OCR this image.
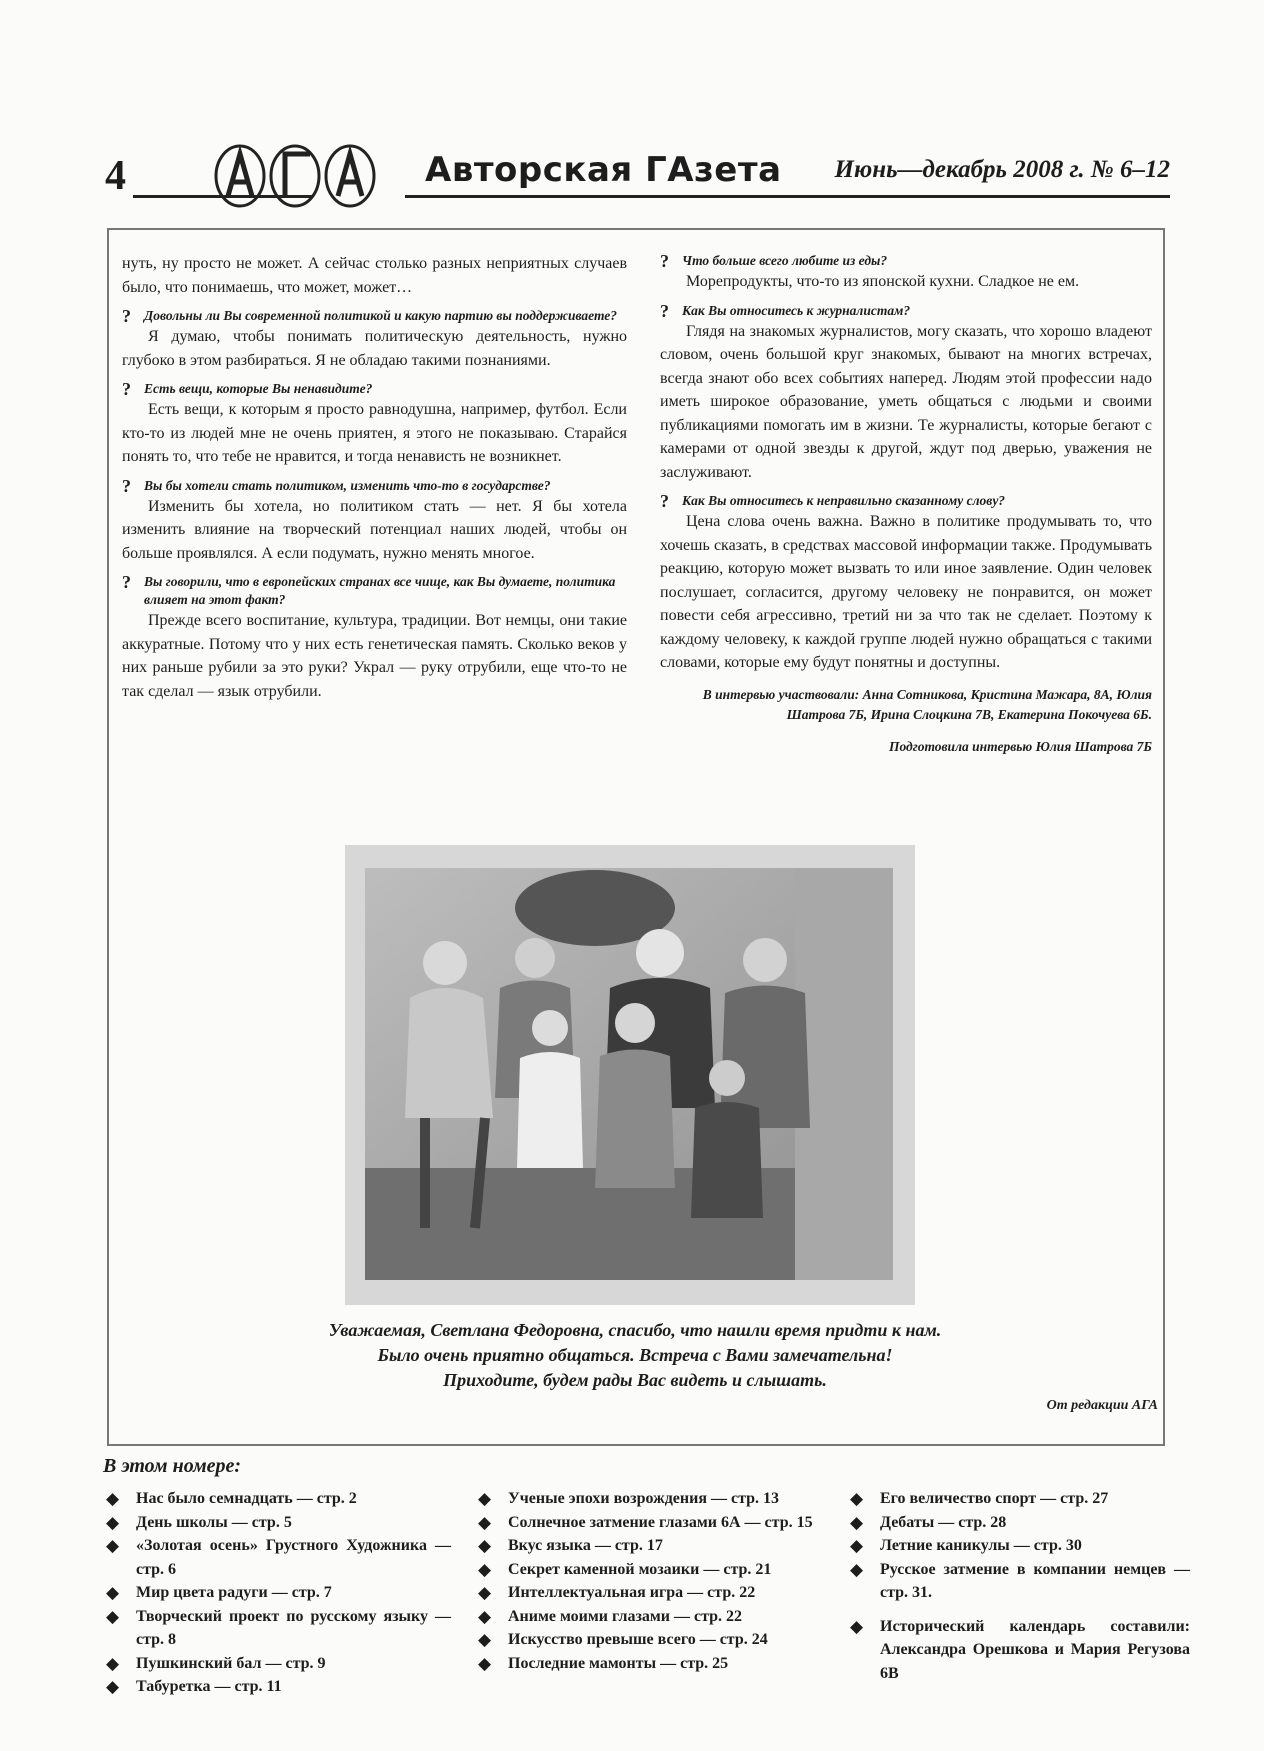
4	Авторская ГАзета Июнь—декабрь 2008 г. № 6–12

нуть, ну просто не может. А сейчас столько разных неприятных случаев было, что понимаешь, что может, может…

? Довольны ли Вы современной политикой и какую партию вы поддерживаете?

Я думаю, чтобы понимать политическую деятельность, нужно глубоко в этом разбираться. Я не обладаю такими познаниями.

? Есть вещи, которые Вы ненавидите?

Есть вещи, к которым я просто равнодушна, например, футбол. Если кто-то из людей мне не очень приятен, я этого не показываю. Старайся понять то, что тебе не нравится, и тогда ненависть не возникнет.

? Вы бы хотели стать политиком, изменить что-то в государстве?

Изменить бы хотела, но политиком стать — нет. Я бы хотела изменить влияние на творческий потенциал наших людей, чтобы он больше проявлялся. А если подумать, нужно менять многое.

? Вы говорили, что в европейских странах все чище, как Вы думаете, политика влияет на этот факт?

Прежде всего воспитание, культура, традиции. Вот немцы, они такие аккуратные. Потому что у них есть генетическая память. Сколько веков у них раньше рубили за это руки? Украл — руку отрубили, еще что-то не так сделал — язык отрубили.

? Что больше всего любите из еды?

Морепродукты, что-то из японской кухни. Сладкое не ем.

? Как Вы относитесь к журналистам?

Глядя на знакомых журналистов, могу сказать, что хорошо владеют словом, очень большой круг знакомых, бывают на многих встречах, всегда знают обо всех событиях наперед. Людям этой профессии надо иметь широкое образование, уметь общаться с людьми и своими публикациями помогать им в жизни. Те журналисты, которые бегают с камерами от одной звезды к другой, ждут под дверью, уважения не заслуживают.

? Как Вы относитесь к неправильно сказанному слову?

Цена слова очень важна. Важно в политике продумывать то, что хочешь сказать, в средствах массовой информации также. Продумывать реакцию, которую может вызвать то или иное заявление. Один человек послушает, согласится, другому человеку не понравится, он может повести себя агрессивно, третий ни за что так не сделает. Поэтому к каждому человеку, к каждой группе людей нужно обращаться с такими словами, которые ему будут понятны и доступны.

В интервью участвовали: Анна Сотникова, Кристина Мажара, 8А, Юлия Шатрова 7Б, Ирина Слоцкина 7В, Екатерина Покочуева 6Б.
Подготовила интервью Юлия Шатрова 7Б
Уважаемая, Светлана Федоровна, спасибо, что нашли время придти к нам.
Было очень приятно общаться. Встреча с Вами замечательна!
Приходите, будем рады Вас видеть и слышать.
От редакции АГА
В этом номере:
◆	Нас было семнадцать — стр. 2
◆	День школы — стр. 5
◆	«Золотая осень» Грустного Художника — стр. 6
◆	Мир цвета радуги — стр. 7
◆	Творческий проект по русскому языку — стр. 8
◆	Пушкинский бал — стр. 9
◆	Табуретка — стр. 11
◆	Ученые эпохи возрождения — стр. 13
◆	Солнечное затмение глазами 6А — стр. 15
◆	Вкус языка — стр. 17
◆	Секрет каменной мозаики — стр. 21
◆	Интеллектуальная игра — стр. 22
◆	Аниме моими глазами — стр. 22
◆	Искусство превыше всего — стр. 24
◆	Последние мамонты — стр. 25
◆	Его величество спорт — стр. 27
◆	Дебаты — стр. 28
◆	Летние каникулы — стр. 30
◆	Русское затмение в компании немцев — стр. 31.
◆	Исторический календарь составили: Александра Орешкова и Мария Регузова 6В
